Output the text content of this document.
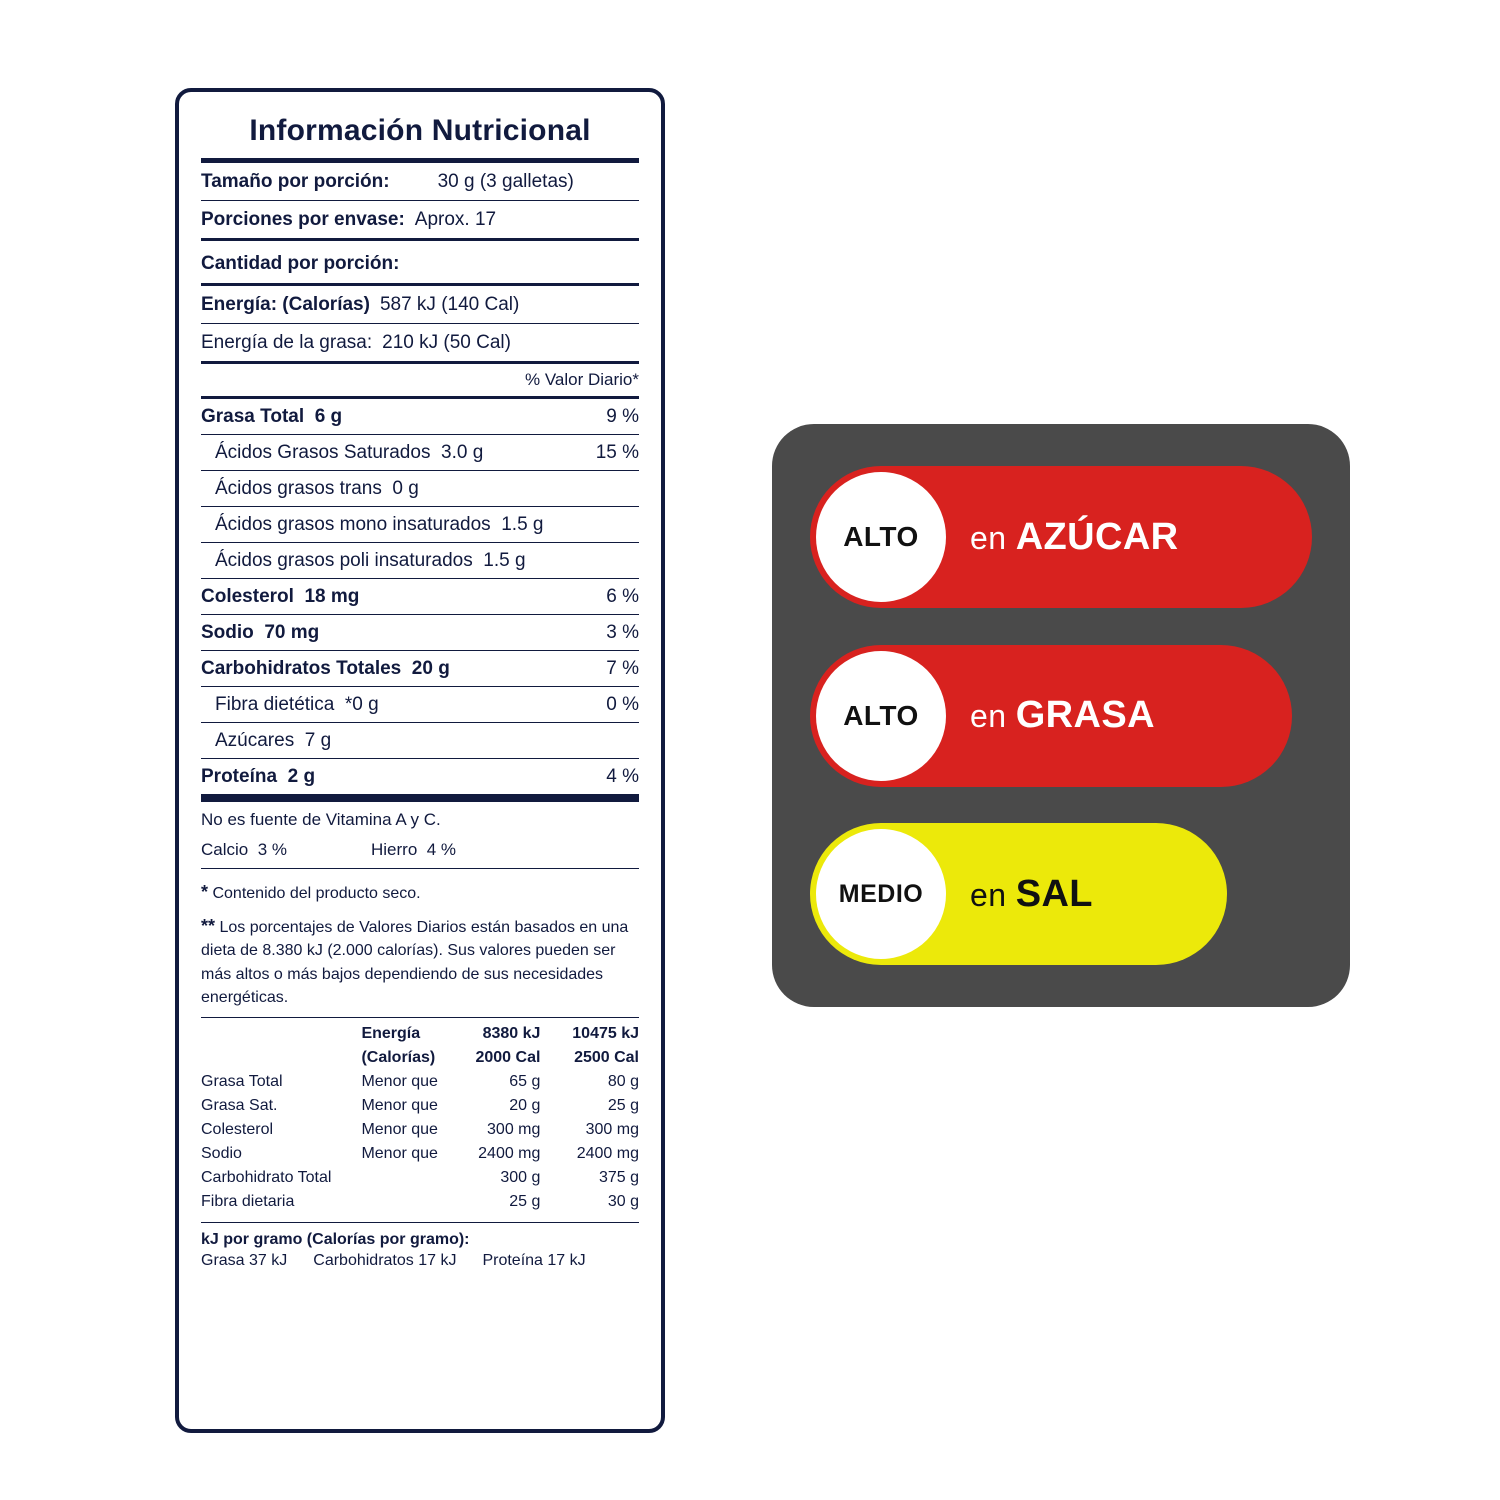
Información Nutricional
Tamaño por porción:	30 g (3 galletas)
Porciones por envase: Aprox. 17
Cantidad por porción:
Energía: (Calorías) 587 kJ (140 Cal)
Energía de la grasa: 210 kJ (50 Cal)
% Valor Diario*
Grasa Total 6 g	9 %
Ácidos Grasos Saturados 3.0 g	15 %
Ácidos grasos trans 0 g
Ácidos grasos mono insaturados 1.5 g
Ácidos grasos poli insaturados 1.5 g
Colesterol 18 mg	6 %
Sodio 70 mg	3 %
Carbohidratos Totales 20 g	7 %
Fibra dietética *0 g	0 %
Azúcares 7 g
Proteína 2 g	4 %
No es fuente de Vitamina A y C.
Calcio 3 %	Hierro 4 %

* Contenido del producto seco.

** Los porcentajes de Valores Diarios están basados en una dieta de 8.380 kJ (2.000 calorías). Sus valores pueden ser más altos o más bajos dependiendo de sus necesidades energéticas.

	Energía	8380 kJ	10475 kJ
	(Calorías)	2000 Cal	2500 Cal
Grasa Total	Menor que	65 g	80 g
Grasa Sat.	Menor que	20 g	25 g
Colesterol	Menor que	300 mg	300 mg
Sodio	Menor que	2400 mg	2400 mg
Carbohidrato Total		300 g	375 g
Fibra dietaria		25 g	30 g
kJ por gramo (Calorías por gramo):
Grasa 37 kJ Carbohidratos 17 kJ Proteína 17 kJ
ALTO	en AZÚCAR
ALTO	en GRASA
MEDIO	en SAL
